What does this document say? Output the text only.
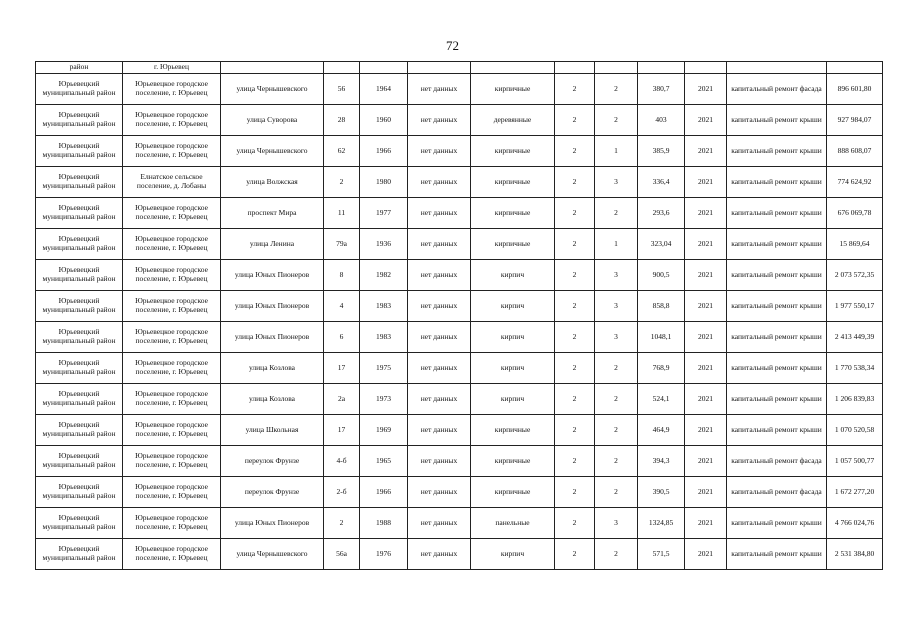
72
район	г. Юрьевец											
Юрьевецкий муниципальный район	Юрьевецкое городское поселение, г. Юрьевец	улица Чернышевского	56	1964	нет данных	кирпичные	2	2	380,7	2021	капитальный ремонт фасада	896 601,80
Юрьевецкий муниципальный район	Юрьевецкое городское поселение, г. Юрьевец	улица Суворова	28	1960	нет данных	деревянные	2	2	403	2021	капитальный ремонт крыши	927 984,07
Юрьевецкий муниципальный район	Юрьевецкое городское поселение, г. Юрьевец	улица Чернышевского	62	1966	нет данных	кирпичные	2	1	385,9	2021	капитальный ремонт крыши	888 608,07
Юрьевецкий муниципальный район	Елнатское сельское поселение, д. Лобаны	улица Волжская	2	1980	нет данных	кирпичные	2	3	336,4	2021	капитальный ремонт крыши	774 624,92
Юрьевецкий муниципальный район	Юрьевецкое городское поселение, г. Юрьевец	проспект Мира	11	1977	нет данных	кирпичные	2	2	293,6	2021	капитальный ремонт крыши	676 069,78
Юрьевецкий муниципальный район	Юрьевецкое городское поселение, г. Юрьевец	улица Ленина	79а	1936	нет данных	кирпичные	2	1	323,04	2021	капитальный ремонт крыши	15 869,64
Юрьевецкий муниципальный район	Юрьевецкое городское поселение, г. Юрьевец	улица Юных Пионеров	8	1982	нет данных	кирпич	2	3	900,5	2021	капитальный ремонт крыши	2 073 572,35
Юрьевецкий муниципальный район	Юрьевецкое городское поселение, г. Юрьевец	улица Юных Пионеров	4	1983	нет данных	кирпич	2	3	858,8	2021	капитальный ремонт крыши	1 977 550,17
Юрьевецкий муниципальный район	Юрьевецкое городское поселение, г. Юрьевец	улица Юных Пионеров	6	1983	нет данных	кирпич	2	3	1048,1	2021	капитальный ремонт крыши	2 413 449,39
Юрьевецкий муниципальный район	Юрьевецкое городское поселение, г. Юрьевец	улица Козлова	17	1975	нет данных	кирпич	2	2	768,9	2021	капитальный ремонт крыши	1 770 538,34
Юрьевецкий муниципальный район	Юрьевецкое городское поселение, г. Юрьевец	улица Козлова	2а	1973	нет данных	кирпич	2	2	524,1	2021	капитальный ремонт крыши	1 206 839,83
Юрьевецкий муниципальный район	Юрьевецкое городское поселение, г. Юрьевец	улица Школьная	17	1969	нет данных	кирпичные	2	2	464,9	2021	капитальный ремонт крыши	1 070 520,58
Юрьевецкий муниципальный район	Юрьевецкое городское поселение, г. Юрьевец	переулок Фрунзе	4-б	1965	нет данных	кирпичные	2	2	394,3	2021	капитальный ремонт фасада	1 057 500,77
Юрьевецкий муниципальный район	Юрьевецкое городское поселение, г. Юрьевец	переулок Фрунзе	2-б	1966	нет данных	кирпичные	2	2	390,5	2021	капитальный ремонт фасада	1 672 277,20
Юрьевецкий муниципальный район	Юрьевецкое городское поселение, г. Юрьевец	улица Юных Пионеров	2	1988	нет данных	панельные	2	3	1324,85	2021	капитальный ремонт крыши	4 766 024,76
Юрьевецкий муниципальный район	Юрьевецкое городское поселение, г. Юрьевец	улица Чернышевского	56а	1976	нет данных	кирпич	2	2	571,5	2021	капитальный ремонт крыши	2 531 384,80
